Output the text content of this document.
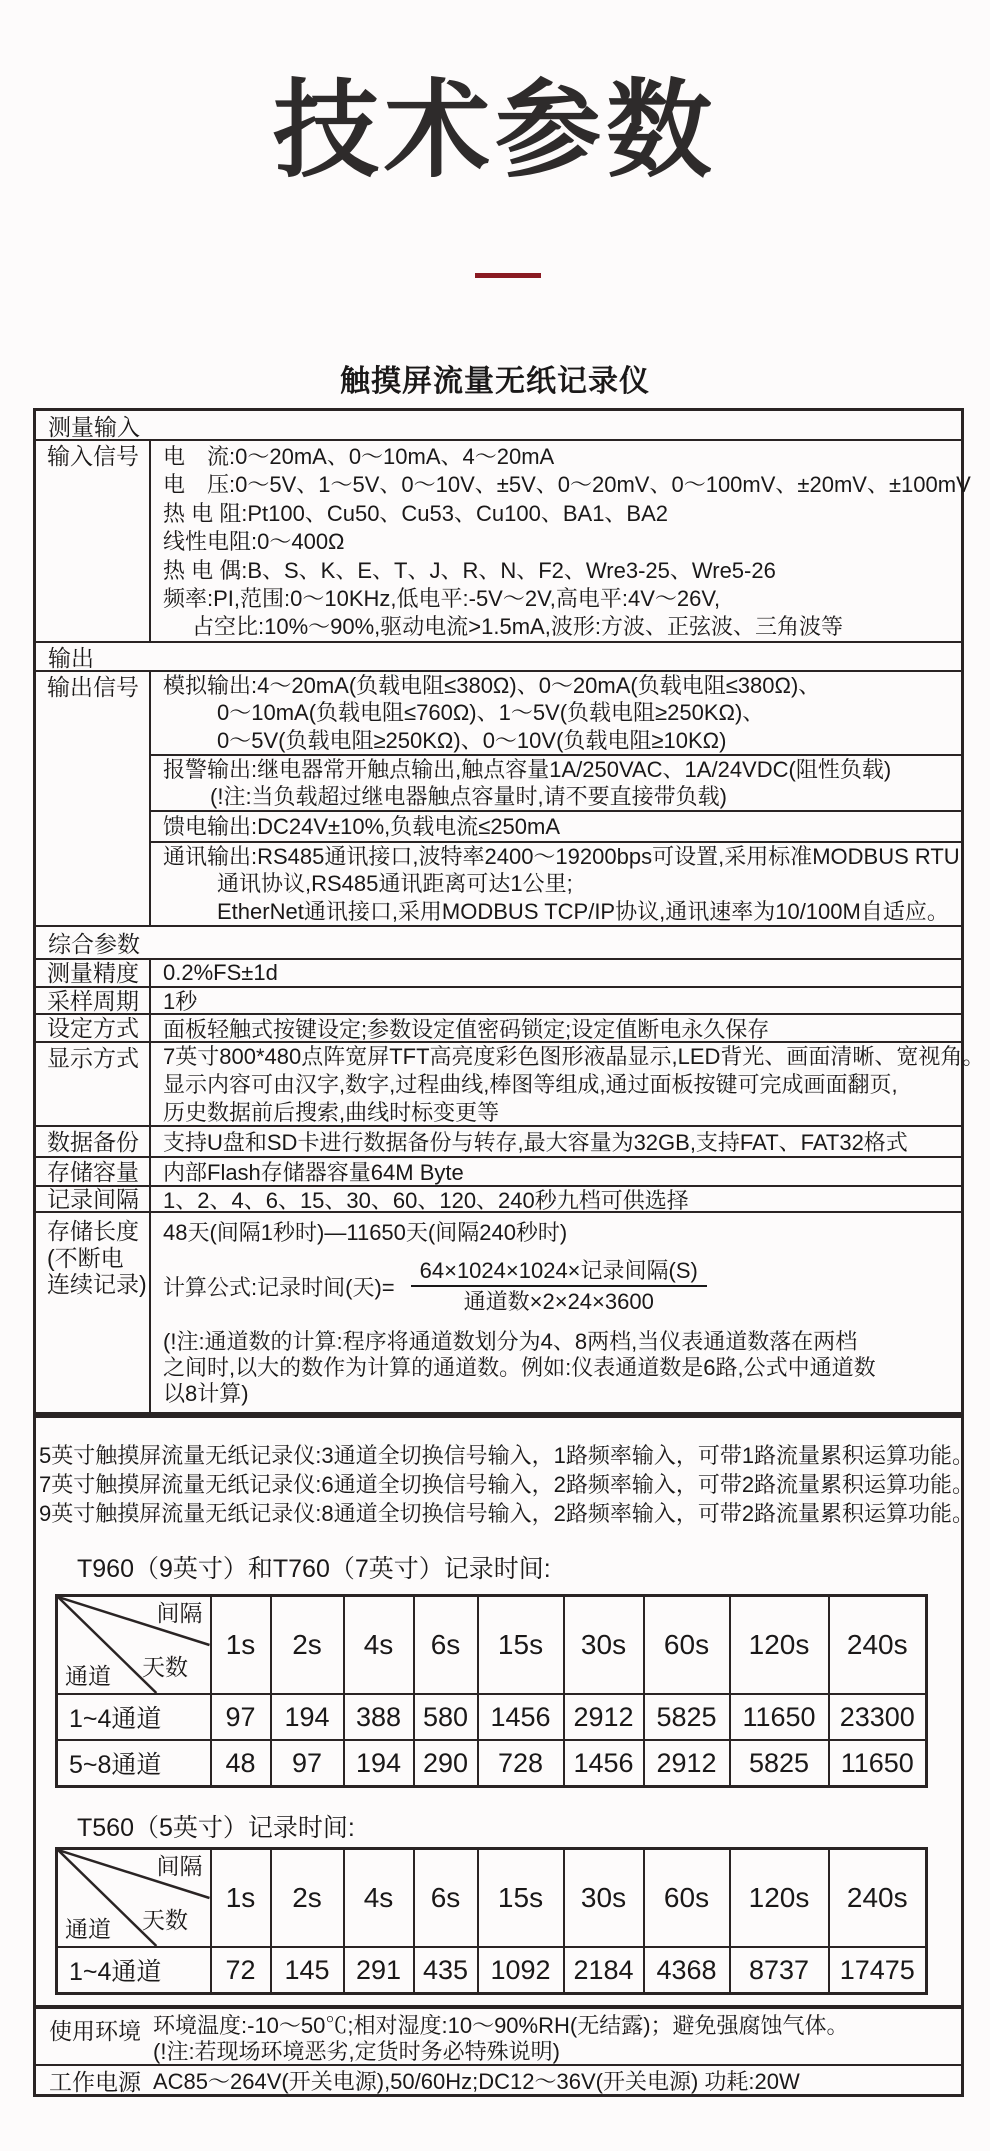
技术参数
触摸屏流量无纸记录仪
测量输入
输入信号	电　流:0～20mA、0～10mA、4～20mA
电　压:0～5V、1～5V、0～10V、±5V、0～20mV、0～100mV、±20mV、±100mV
热 电 阻:Pt100、Cu50、Cu53、Cu100、BA1、BA2
线性电阻:0～400Ω
热 电 偶:B、S、K、E、T、J、R、N、F2、Wre3-25、Wre5-26
频率:PI,范围:0～10KHz,低电平:-5V～2V,高电平:4V～26V,
占空比:10%～90%,驱动电流>1.5mA,波形:方波、正弦波、三角波等
输出
输出信号	模拟输出:4～20mA(负载电阻≤380Ω)、0～20mA(负载电阻≤380Ω)、
0～10mA(负载电阻≤760Ω)、1～5V(负载电阻≥250KΩ)、
0～5V(负载电阻≥250KΩ)、0～10V(负载电阻≥10KΩ)
报警输出:继电器常开触点输出,触点容量1A/250VAC、1A/24VDC(阻性负载)
(!注:当负载超过继电器触点容量时,请不要直接带负载)
馈电输出:DC24V±10%,负载电流≤250mA
通讯输出:RS485通讯接口,波特率2400～19200bps可设置,采用标准MODBUS RTU
通讯协议,RS485通讯距离可达1公里;
EtherNet通讯接口,采用MODBUS TCP/IP协议,通讯速率为10/100M自适应。
综合参数
测量精度	0.2%FS±1d
采样周期	1秒
设定方式	面板轻触式按键设定;参数设定值密码锁定;设定值断电永久保存
显示方式	7英寸800*480点阵宽屏TFT高亮度彩色图形液晶显示,LED背光、画面清晰、宽视角。
显示内容可由汉字,数字,过程曲线,棒图等组成,通过面板按键可完成画面翻页,
历史数据前后搜索,曲线时标变更等
数据备份	支持U盘和SD卡进行数据备份与转存,最大容量为32GB,支持FAT、FAT32格式
存储容量	内部Flash存储器容量64M Byte
记录间隔	1、2、4、6、15、30、60、120、240秒九档可供选择
存储长度
(不断电
连续记录)
48天(间隔1秒时)—11650天(间隔240秒时)
计算公式:记录时间(天)= $\frac{\text{64×1024×1024×记录间隔(S)}}{\text{通道数×2×24×3600}}$
(!注:通道数的计算:程序将通道数划分为4、8两档,当仪表通道数落在两档
之间时,以大的数作为计算的通道数。例如:仪表通道数是6路,公式中通道数
以8计算)
5英寸触摸屏流量无纸记录仪:3通道全切换信号输入，1路频率输入，可带1路流量累积运算功能。
7英寸触摸屏流量无纸记录仪:6通道全切换信号输入，2路频率输入，可带2路流量累积运算功能。
9英寸触摸屏流量无纸记录仪:8通道全切换信号输入，2路频率输入，可带2路流量累积运算功能。
T960（9英寸）和T760（7英寸）记录时间:
间隔
天数
通道	1s	2s	4s	6s	15s	30s	60s	120s	240s
1~4通道	97	194	388	580	1456	2912	5825	11650	23300
5~8通道	48	97	194	290	728	1456	2912	5825	11650
T560（5英寸）记录时间:
间隔
天数
通道	1s	2s	4s	6s	15s	30s	60s	120s	240s
1~4通道	72	145	291	435	1092	2184	4368	8737	17475
使用环境 环境温度:-10～50℃;相对湿度:10～90%RH(无结露)；避免强腐蚀气体。
(!注:若现场环境恶劣,定货时务必特殊说明)
工作电源 AC85～264V(开关电源),50/60Hz;DC12～36V(开关电源) 功耗:20W
